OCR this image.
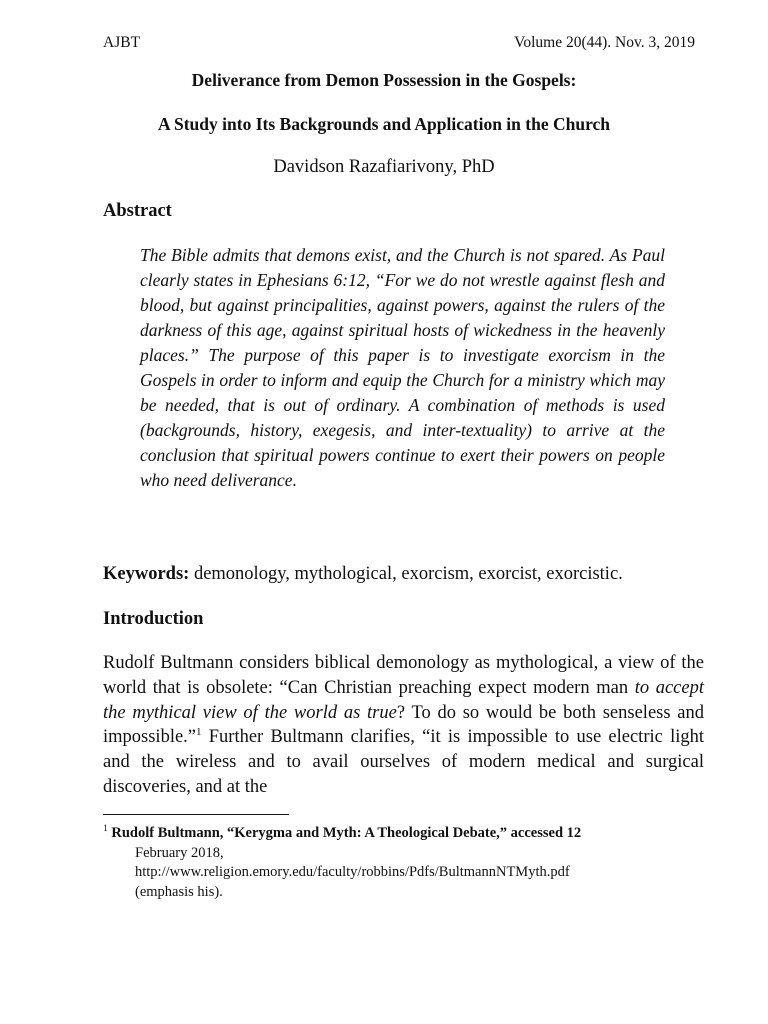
AJBT	Volume 20(44). Nov. 3, 2019
Deliverance from Demon Possession in the Gospels:
A Study into Its Backgrounds and Application in the Church
Davidson Razafiarivony, PhD
Abstract

The Bible admits that demons exist, and the Church is not spared. As Paul clearly states in Ephesians 6:12, “For we do not wrestle against flesh and blood, but against principalities, against powers, against the rulers of the darkness of this age, against spiritual hosts of wickedness in the heavenly places.” The purpose of this paper is to investigate exorcism in the Gospels in order to inform and equip the Church for a ministry which may be needed, that is out of ordinary. A combination of methods is used (backgrounds, history, exegesis, and inter-textuality) to arrive at the conclusion that spiritual powers continue to exert their powers on people who need deliverance.

Keywords: demonology, mythological, exorcism, exorcist, exorcistic.
Introduction

Rudolf Bultmann considers biblical demonology as mythological, a view of the world that is obsolete: “Can Christian preaching expect modern man to accept the mythical view of the world as true? To do so would be both senseless and impossible.”$^1$ Further Bultmann clarifies, “it is impossible to use electric light and the wireless and to avail ourselves of modern medical and surgical discoveries, and at the

$^1$ Rudolf Bultmann, “Kerygma and Myth: A Theological Debate,” accessed 12
February 2018,
http://www.religion.emory.edu/faculty/robbins/Pdfs/BultmannNTMyth.pdf
(emphasis his).
